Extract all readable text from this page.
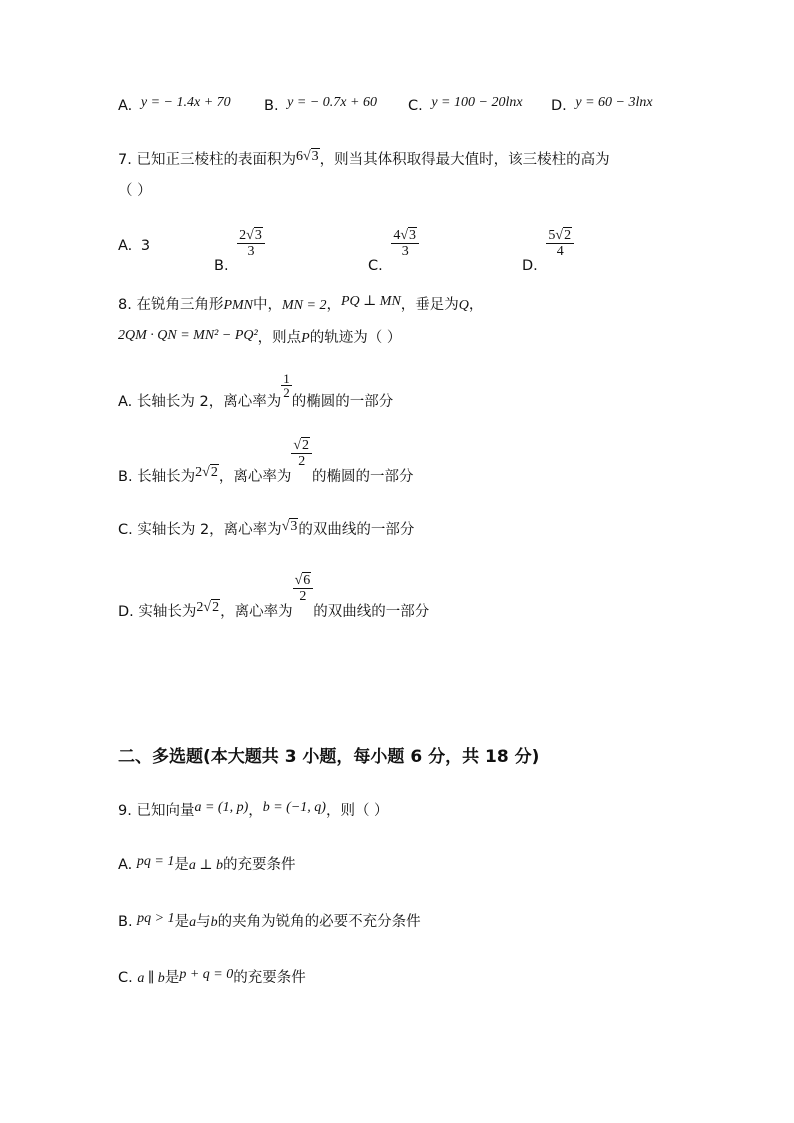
A. y = − 1.4x + 70 B. y = − 0.7x + 60 C. y = 100 − 20lnx D. y = 60 − 3lnx
7. 已知正三棱柱的表面积为6√3，则当其体积取得最大值时，该三棱柱的高为
（ ）
A. 3
B.
$\frac{2√3}{3}$
C.
$\frac{4√3}{3}$
D.
$\frac{5√2}{4}$
8. 在锐角三角形PMN中，MN = 2，PQ ⊥ MN，垂足为Q，
2QM · QN = MN² − PQ²，则点P的轨迹为（ ）
A. 长轴长为 2，离心率为
$\frac{1}{2}$
的椭圆的一部分
B. 长轴长为2√2，离心率为
$\frac{√2}{2}$
的椭圆的一部分
C. 实轴长为 2，离心率为√3的双曲线的一部分
D. 实轴长为2√2，离心率为
$\frac{√6}{2}$
的双曲线的一部分
二、多选题(本大题共 3 小题，每小题 6 分，共 18 分)
9. 已知向量a = (1, p)，b = (−1, q)，则（ ）
A. pq = 1是a ⊥ b的充要条件
B. pq > 1是a与b的夹角为锐角的必要不充分条件
C. a ∥ b是p + q = 0的充要条件
